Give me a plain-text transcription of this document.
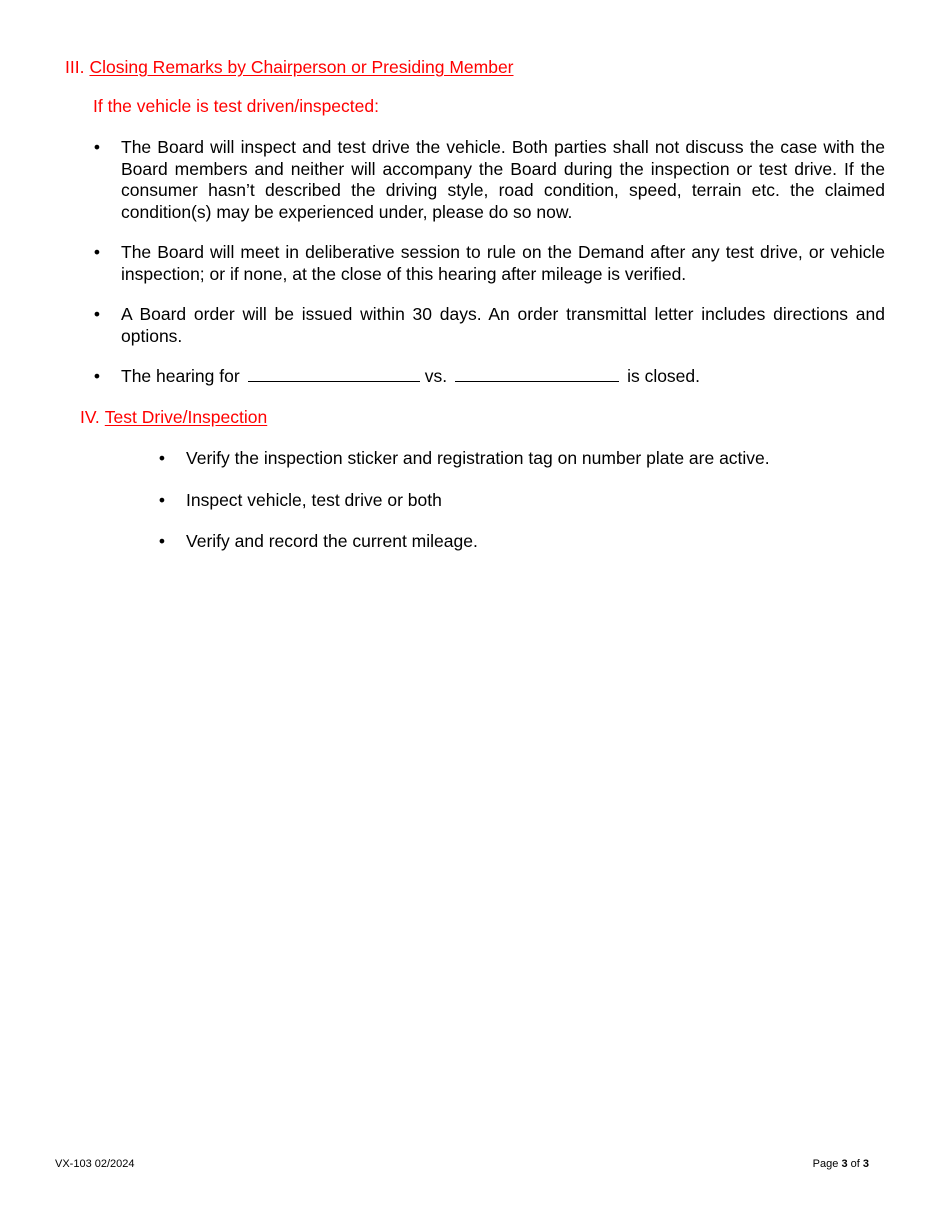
III. Closing Remarks by Chairperson or Presiding Member
If the vehicle is test driven/inspected:
• The Board will inspect and test drive the vehicle. Both parties shall not discuss the case with the Board members and neither will accompany the Board during the inspection or test drive. If the consumer hasn’t described the driving style, road condition, speed, terrain etc. the claimed condition(s) may be experienced under, please do so now.
• The Board will meet in deliberative session to rule on the Demand after any test drive, or vehicle inspection; or if none, at the close of this hearing after mileage is verified.
• A Board order will be issued within 30 days. An order transmittal letter includes directions and options.
• The hearing for	vs.	is closed.
IV. Test Drive/Inspection
• Verify the inspection sticker and registration tag on number plate are active.
• Inspect vehicle, test drive or both
• Verify and record the current mileage.
VX-103 02/2024	Page 3 of 3
